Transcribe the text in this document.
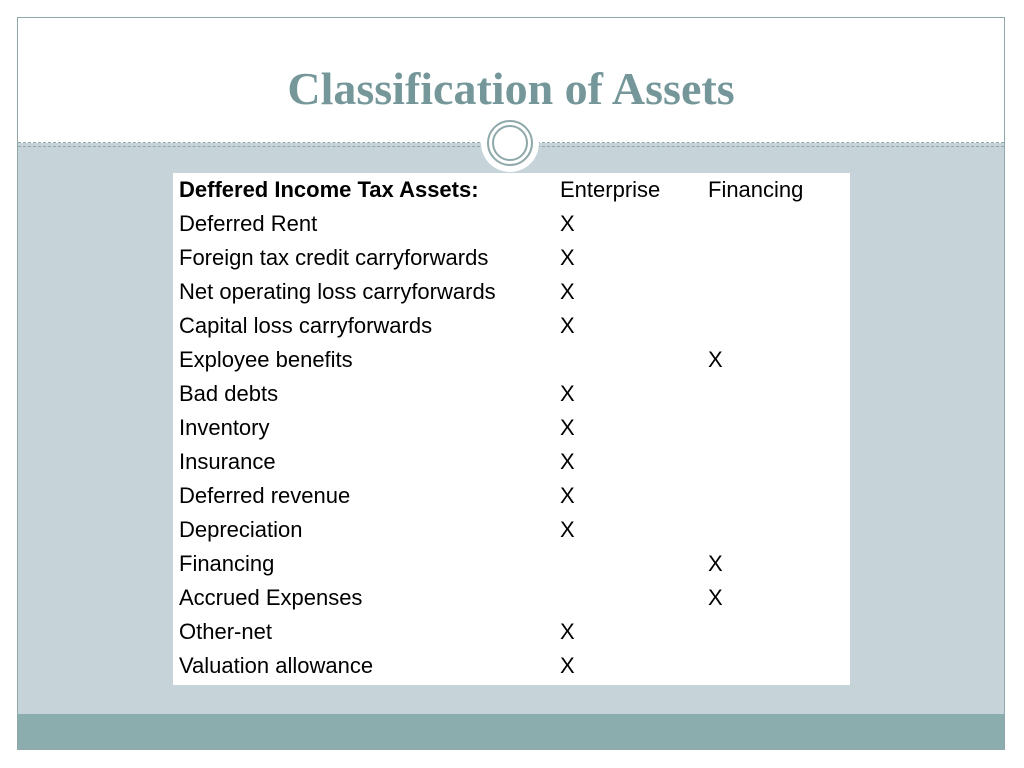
Classification of Assets
Deffered Income Tax Assets:	Enterprise	Financing
Deferred Rent	X	
Foreign tax credit carryforwards	X	
Net operating loss carryforwards	X	
Capital loss carryforwards	X	
Exployee benefits		X
Bad debts	X	
Inventory	X	
Insurance	X	
Deferred revenue	X	
Depreciation	X	
Financing		X
Accrued Expenses		X
Other-net	X	
Valuation allowance	X	
